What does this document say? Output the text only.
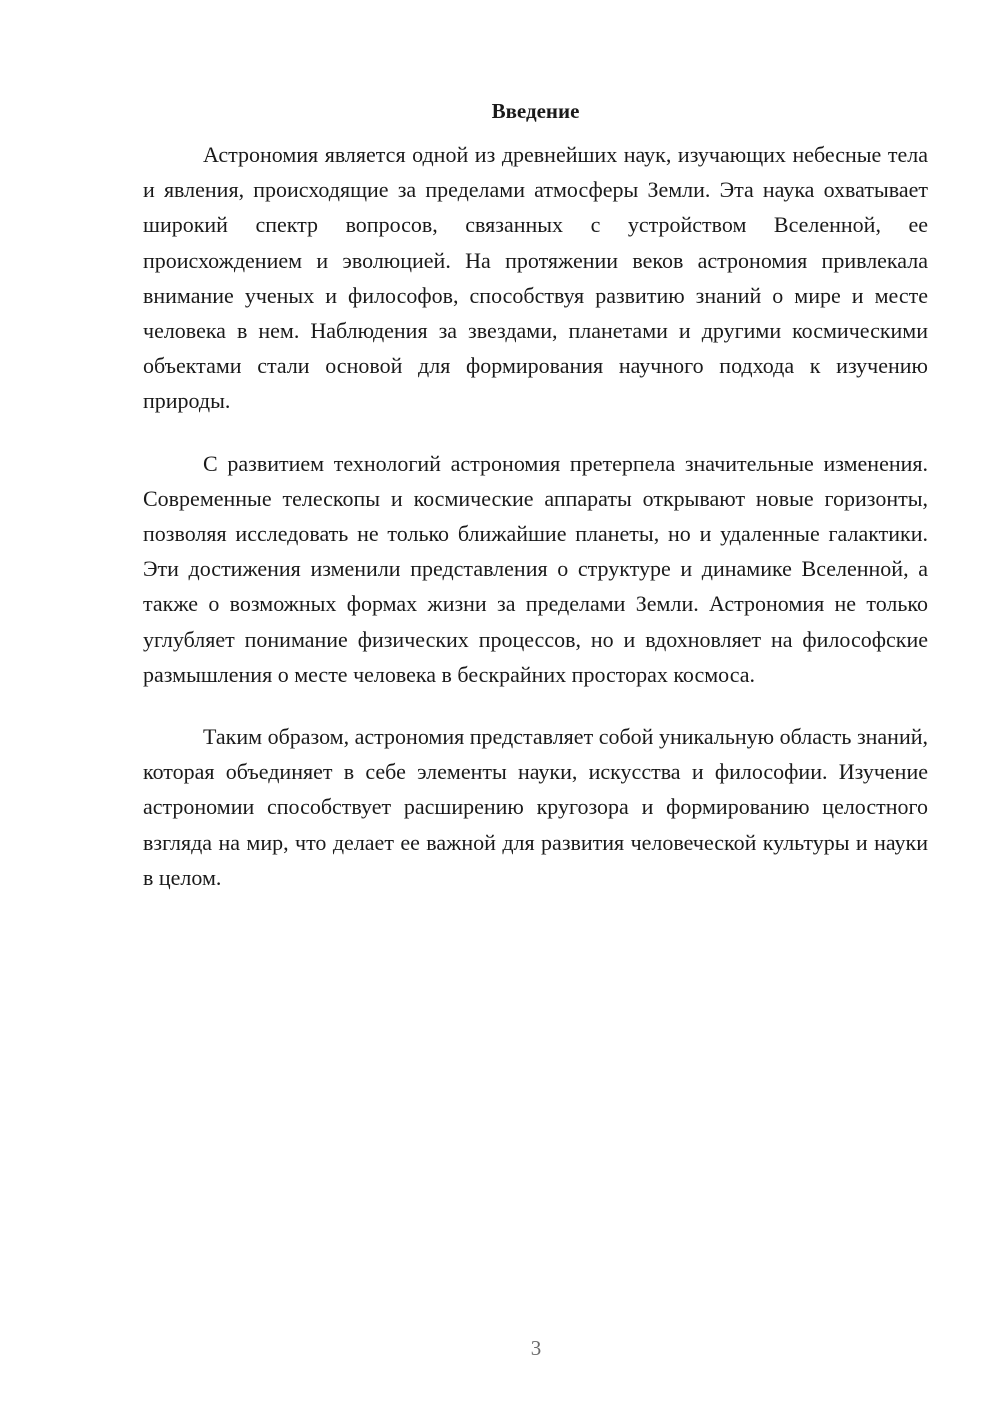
Введение

Астрономия является одной из древнейших наук, изучающих небесные тела и явления, происходящие за пределами атмосферы Земли. Эта наука охватывает широкий спектр вопросов, связанных с устройством Вселенной, ее происхождением и эволюцией. На протяжении веков астрономия привлекала внимание ученых и философов, способствуя развитию знаний о мире и месте человека в нем. Наблюдения за звездами, планетами и другими космическими объектами стали основой для формирования научного подхода к изучению природы.

С развитием технологий астрономия претерпела значительные изменения. Современные телескопы и космические аппараты открывают новые горизонты, позволяя исследовать не только ближайшие планеты, но и удаленные галактики. Эти достижения изменили представления о структуре и динамике Вселенной, а также о возможных формах жизни за пределами Земли. Астрономия не только углубляет понимание физических процессов, но и вдохновляет на философские размышления о месте человека в бескрайних просторах космоса.

Таким образом, астрономия представляет собой уникальную область знаний, которая объединяет в себе элементы науки, искусства и философии. Изучение астрономии способствует расширению кругозора и формированию целостного взгляда на мир, что делает ее важной для развития человеческой культуры и науки в целом.

3
